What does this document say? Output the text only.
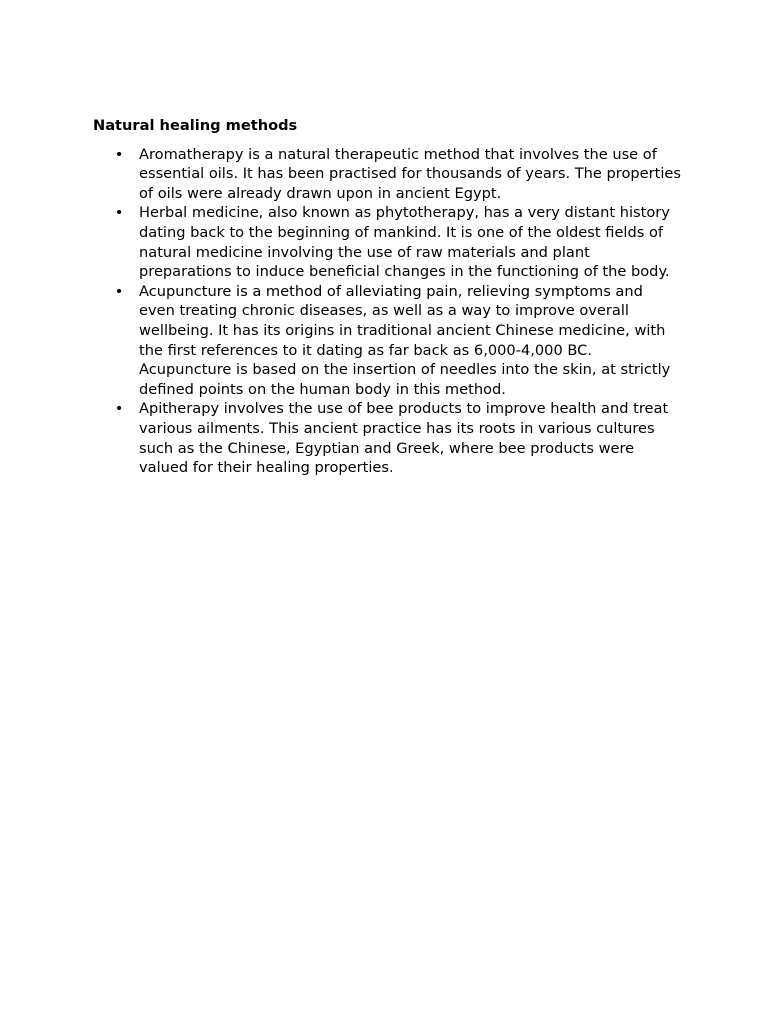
Natural healing methods
• Aromatherapy is a natural therapeutic method that involves the use of essential oils. It has been practised for thousands of years. The properties of oils were already drawn upon in ancient Egypt.
• Herbal medicine, also known as phytotherapy, has a very distant history dating back to the beginning of mankind. It is one of the oldest fields of natural medicine involving the use of raw materials and plant preparations to induce beneficial changes in the functioning of the body.
• Acupuncture is a method of alleviating pain, relieving symptoms and even treating chronic diseases, as well as a way to improve overall wellbeing. It has its origins in traditional ancient Chinese medicine, with the first references to it dating as far back as 6,000-4,000 BC. Acupuncture is based on the insertion of needles into the skin, at strictly defined points on the human body in this method.
• Apitherapy involves the use of bee products to improve health and treat various ailments. This ancient practice has its roots in various cultures such as the Chinese, Egyptian and Greek, where bee products were valued for their healing properties.
